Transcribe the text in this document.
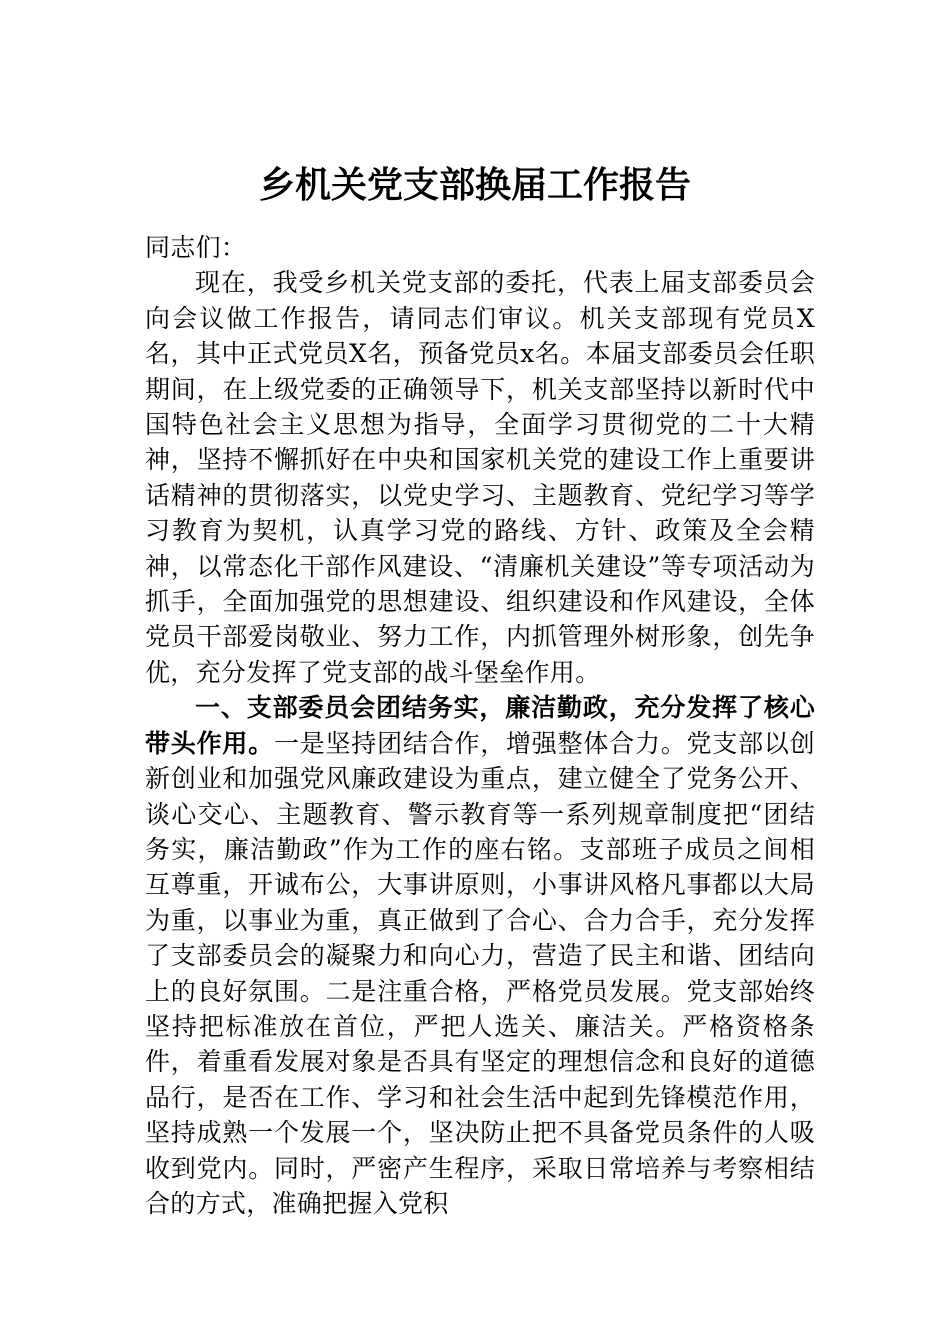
乡机关党支部换届工作报告

同志们：

现在，我受乡机关党支部的委托，代表上届支部委员会向会议做工作报告，请同志们审议。机关支部现有党员X名，其中正式党员X名，预备党员x名。本届支部委员会任职期间，在上级党委的正确领导下，机关支部坚持以新时代中国特色社会主义思想为指导，全面学习贯彻党的二十大精神，坚持不懈抓好在中央和国家机关党的建设工作上重要讲话精神的贯彻落实，以党史学习、主题教育、党纪学习等学习教育为契机，认真学习党的路线、方针、政策及全会精神，以常态化干部作风建设、“清廉机关建设”等专项活动为抓手，全面加强党的思想建设、组织建设和作风建设，全体党员干部爱岗敬业、努力工作，内抓管理外树形象，创先争优，充分发挥了党支部的战斗堡垒作用。

一、支部委员会团结务实，廉洁勤政，充分发挥了核心带头作用。一是坚持团结合作，增强整体合力。党支部以创新创业和加强党风廉政建设为重点，建立健全了党务公开、谈心交心、主题教育、警示教育等一系列规章制度把“团结务实，廉洁勤政”作为工作的座右铭。支部班子成员之间相互尊重，开诚布公，大事讲原则，小事讲风格凡事都以大局为重，以事业为重，真正做到了合心、合力合手，充分发挥了支部委员会的凝聚力和向心力，营造了民主和谐、团结向上的良好氛围。二是注重合格，严格党员发展。党支部始终坚持把标准放在首位，严把人选关、廉洁关。严格资格条件，着重看发展对象是否具有坚定的理想信念和良好的道德品行，是否在工作、学习和社会生活中起到先锋模范作用，坚持成熟一个发展一个，坚决防止把不具备党员条件的人吸收到党内。同时，严密产生程序，采取日常培养与考察相结合的方式，准确把握入党积
